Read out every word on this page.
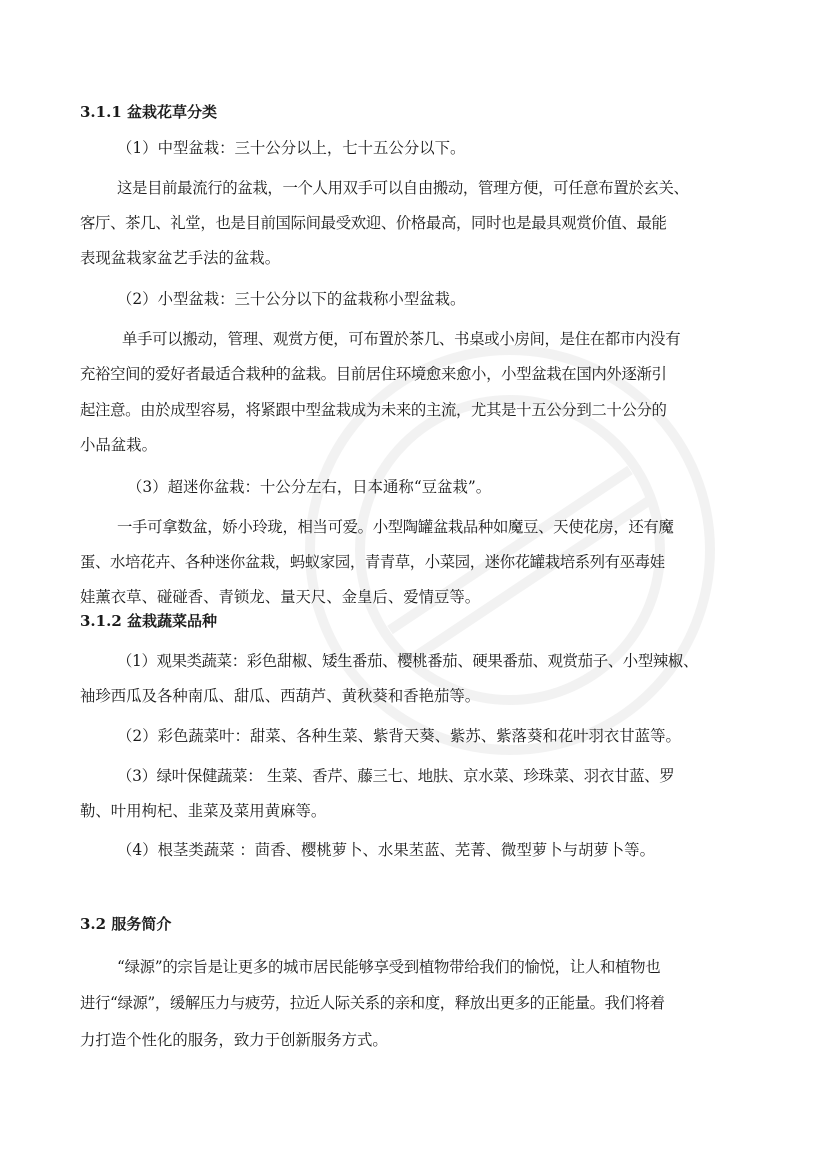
3.1.1 盆栽花草分类
（1）中型盆栽：三十公分以上，七十五公分以下。
这是目前最流行的盆栽，一个人用双手可以自由搬动，管理方便，可任意布置於玄关、
客厅、茶几、礼堂，也是目前国际间最受欢迎、价格最高，同时也是最具观赏价值、最能
表现盆栽家盆艺手法的盆栽。
（2）小型盆栽：三十公分以下的盆栽称小型盆栽。
单手可以搬动，管理、观赏方便，可布置於茶几、书桌或小房间，是住在都市内没有
充裕空间的爱好者最适合栽种的盆栽。目前居住环境愈来愈小，小型盆栽在国内外逐渐引
起注意。由於成型容易，将紧跟中型盆栽成为未来的主流，尤其是十五公分到二十公分的
小品盆栽。
（3）超迷你盆栽：十公分左右，日本通称“豆盆栽”。
一手可拿数盆，娇小玲珑，相当可爱。小型陶罐盆栽品种如魔豆、天使花房，还有魔
蛋、水培花卉、各种迷你盆栽，蚂蚁家园，青青草，小菜园，迷你花罐栽培系列有巫毒娃
娃薰衣草、碰碰香、青锁龙、量天尺、金皇后、爱情豆等。
3.1.2 盆栽蔬菜品种
（1）观果类蔬菜：彩色甜椒、矮生番茄、樱桃番茄、硬果番茄、观赏茄子、小型辣椒、
袖珍西瓜及各种南瓜、甜瓜、西葫芦、黄秋葵和香艳茄等。
（2）彩色蔬菜叶：甜菜、各种生菜、紫背天葵、紫苏、紫落葵和花叶羽衣甘蓝等。
（3）绿叶保健蔬菜： 生菜、香芹、藤三七、地肤、京水菜、珍珠菜、羽衣甘蓝、罗
勒、叶用枸杞、韭菜及菜用黄麻等。
（4）根茎类蔬菜 ：茴香、樱桃萝卜、水果苤蓝、芜菁、微型萝卜与胡萝卜等。
3.2 服务简介
“绿源”的宗旨是让更多的城市居民能够享受到植物带给我们的愉悦，让人和植物也
进行“绿源”，缓解压力与疲劳，拉近人际关系的亲和度，释放出更多的正能量。我们将着
力打造个性化的服务，致力于创新服务方式。
